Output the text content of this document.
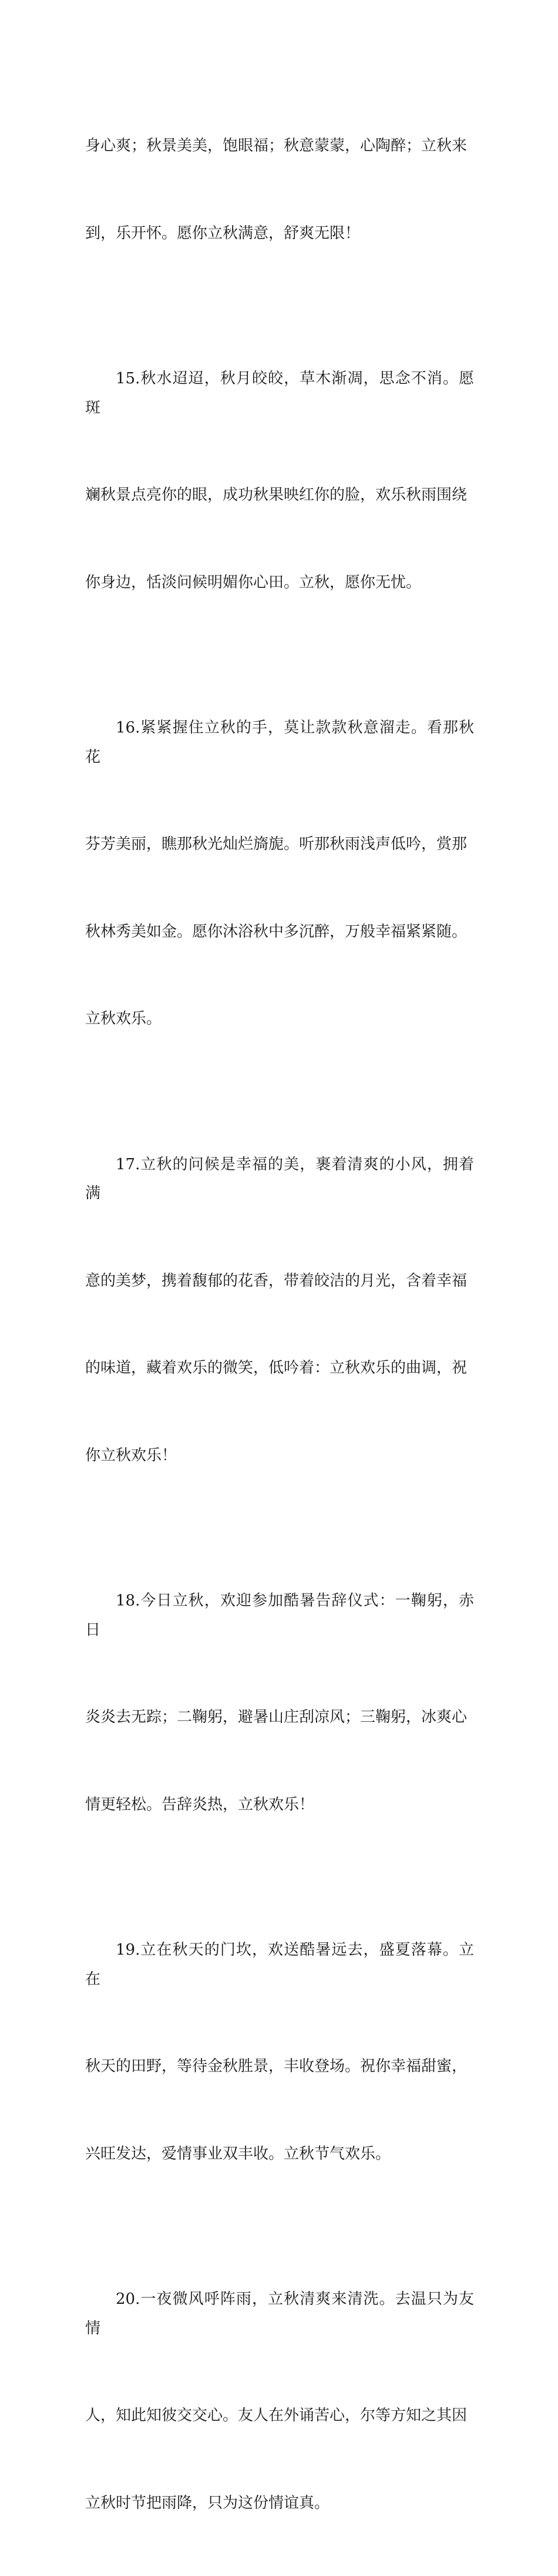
身心爽；秋景美美，饱眼福；秋意蒙蒙，心陶醉；立秋来

到，乐开怀。愿你立秋满意，舒爽无限！

15.秋水迢迢，秋月皎皎，草木渐凋，思念不消。愿斑

斓秋景点亮你的眼，成功秋果映红你的脸，欢乐秋雨围绕

你身边，恬淡问候明媚你心田。立秋，愿你无忧。

16.紧紧握住立秋的手，莫让款款秋意溜走。看那秋花

芬芳美丽，瞧那秋光灿烂旖旎。听那秋雨浅声低吟，赏那

秋林秀美如金。愿你沐浴秋中多沉醉，万般幸福紧紧随。

立秋欢乐。

17.立秋的问候是幸福的美，裹着清爽的小风，拥着满

意的美梦，携着馥郁的花香，带着皎洁的月光，含着幸福

的味道，藏着欢乐的微笑，低吟着：立秋欢乐的曲调，祝

你立秋欢乐！

18.今日立秋，欢迎参加酷暑告辞仪式：一鞠躬，赤日

炎炎去无踪；二鞠躬，避暑山庄刮凉风；三鞠躬，冰爽心

情更轻松。告辞炎热，立秋欢乐！

19.立在秋天的门坎，欢送酷暑远去，盛夏落幕。立在

秋天的田野，等待金秋胜景，丰收登场。祝你幸福甜蜜，

兴旺发达，爱情事业双丰收。立秋节气欢乐。

20.一夜微风呼阵雨，立秋清爽来清洗。去温只为友情

人，知此知彼交交心。友人在外诵苦心，尔等方知之其因

立秋时节把雨降，只为这份情谊真。
